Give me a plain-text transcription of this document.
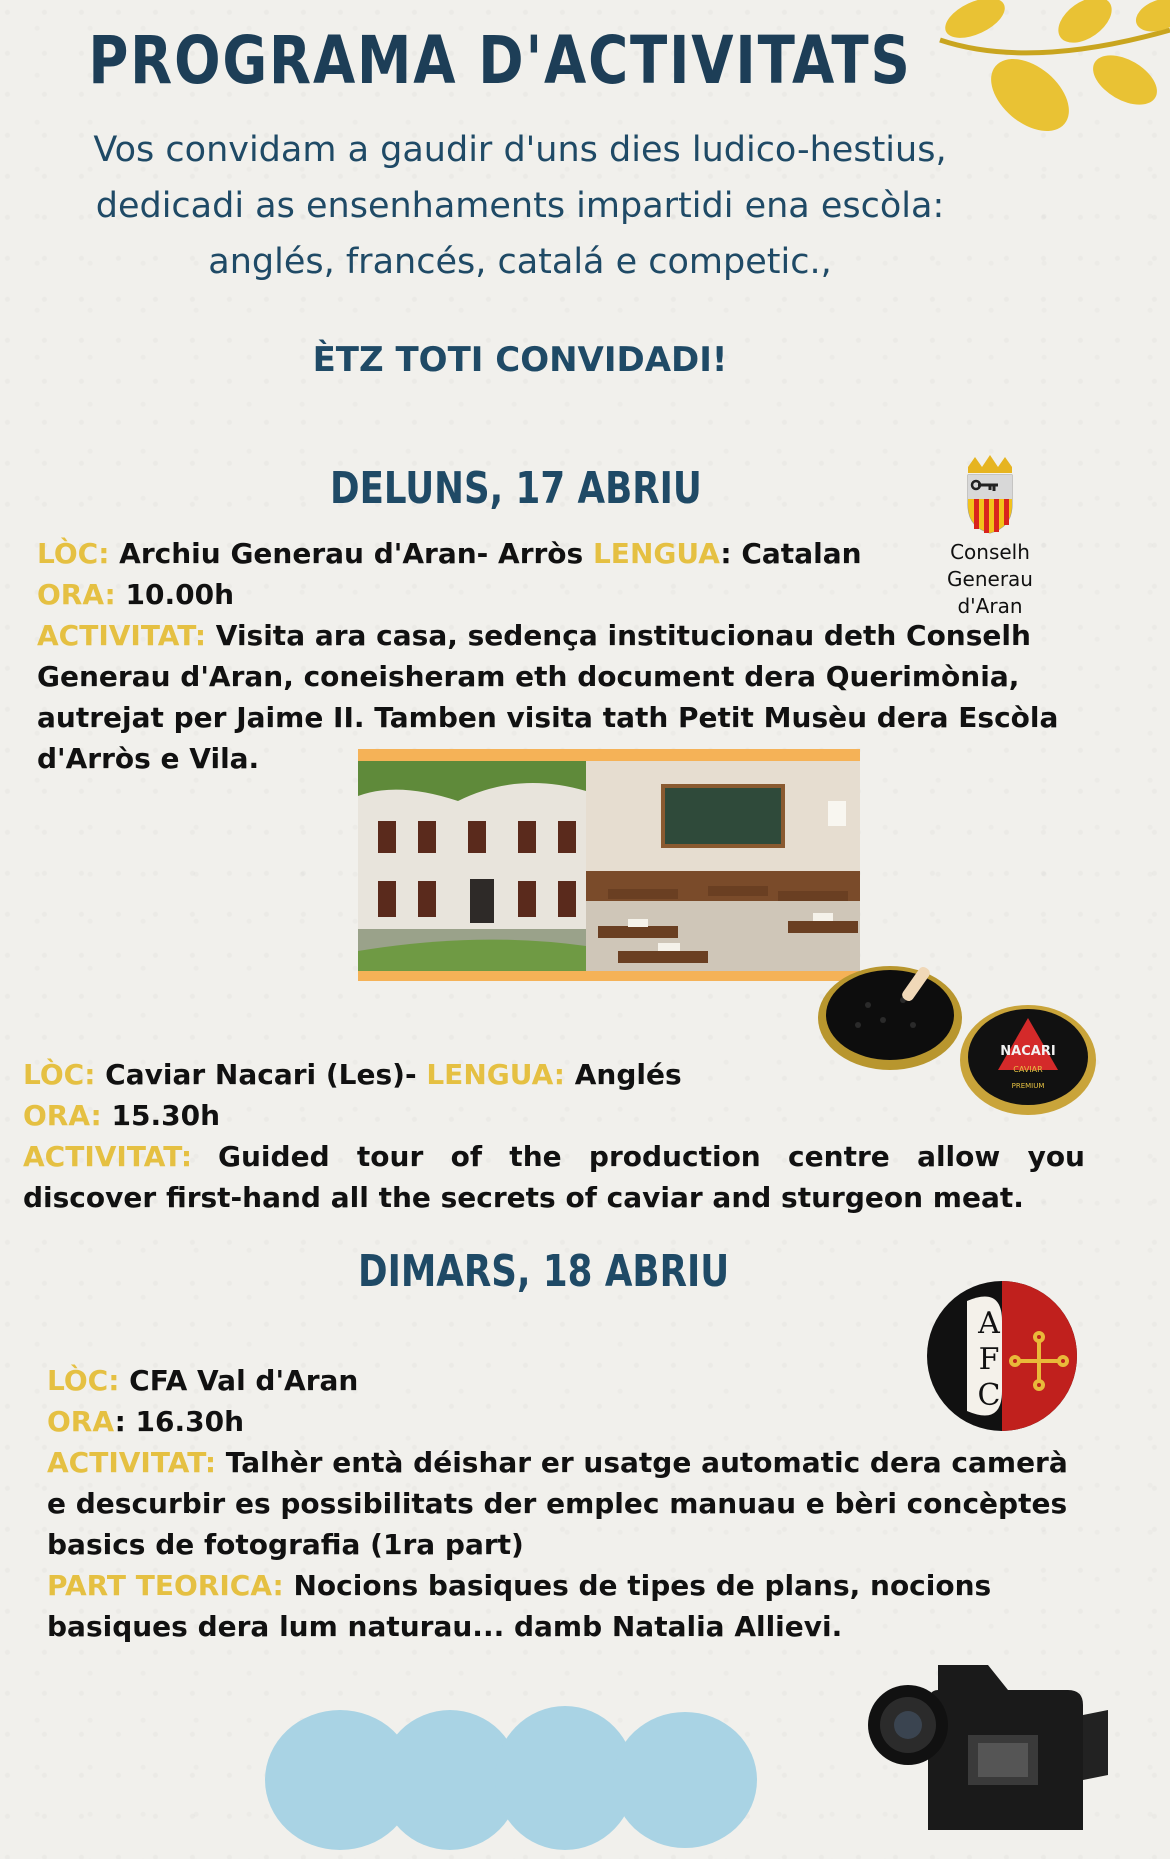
PROGRAMA D'ACTIVITATS
Vos convidam a gaudir d'uns dies ludico-hestius,
dedicadi as ensenhaments impartidi ena escòla:
anglés, francés, catalá e competic.,
ÈTZ TOTI CONVIDADI!
DELUNS, 17 ABRIU
Conselh Generau
d'Aran
LÒC: Archiu Generau d'Aran- Arròs LENGUA: Catalan
ORA: 10.00h
ACTIVITAT: Visita ara casa, sedença institucionau deth Conselh
Generau d'Aran, coneisheram eth document dera Querimònia,
autrejat per Jaime II. Tamben visita tath Petit Musèu dera Escòla
d'Arròs e Vila.
NACARI
CAVIAR
PREMIUM
LÒC: Caviar Nacari (Les)- LENGUA: Anglés
ORA: 15.30h
ACTIVITAT: Guided tour of the production centre allow you
discover first-hand all the secrets of caviar and sturgeon meat.
DIMARS, 18 ABRIU
A
F
C
LÒC: CFA Val d'Aran
ORA: 16.30h
ACTIVITAT: Talhèr entà déishar er usatge automatic dera camerà
e descurbir es possibilitats der emplec manuau e bèri concèptes
basics de fotografia (1ra part)
PART TEORICA: Nocions basiques de tipes de plans, nocions
basiques dera lum naturau... damb Natalia Allievi.
